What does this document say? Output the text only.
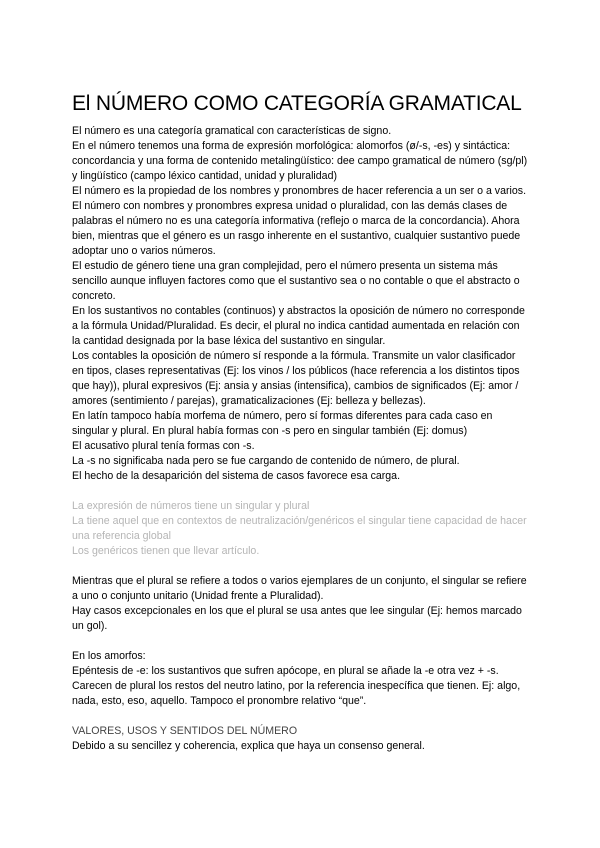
El NÚMERO COMO CATEGORÍA GRAMATICAL

El número es una categoría gramatical con características de signo.

En el número tenemos una forma de expresión morfológica: alomorfos (ø/-s, -es) y sintáctica: concordancia y una forma de contenido metalingüístico: dee campo gramatical de número (sg/pl) y lingüístico (campo léxico cantidad, unidad y pluralidad)

El número es la propiedad de los nombres y pronombres de hacer referencia a un ser o a varios.

El número con nombres y pronombres expresa unidad o pluralidad, con las demás clases de palabras el número no es una categoría informativa (reflejo o marca de la concordancia). Ahora bien, mientras que el género es un rasgo inherente en el sustantivo, cualquier sustantivo puede adoptar uno o varios números.

El estudio de género tiene una gran complejidad, pero el número presenta un sistema más sencillo aunque influyen factores como que el sustantivo sea o no contable o que el abstracto o concreto.

En los sustantivos no contables (continuos) y abstractos la oposición de número no corresponde a la fórmula Unidad/Pluralidad. Es decir, el plural no indica cantidad aumentada en relación con la cantidad designada por la base léxica del sustantivo en singular.

Los contables la oposición de número sí responde a la fórmula. Transmite un valor clasificador en tipos, clases representativas (Ej: los vinos / los públicos (hace referencia a los distintos tipos que hay)), plural expresivos (Ej: ansia y ansias (intensifica), cambios de significados (Ej: amor / amores (sentimiento / parejas), gramaticalizaciones (Ej: belleza y bellezas).

En latín tampoco había morfema de número, pero sí formas diferentes para cada caso en singular y plural. En plural había formas con -s pero en singular también (Ej: domus)

El acusativo plural tenía formas con -s.

La -s no significaba nada pero se fue cargando de contenido de número, de plural.

El hecho de la desaparición del sistema de casos favorece esa carga.

La expresión de números tiene un singular y plural

La tiene aquel que en contextos de neutralización/genéricos el singular tiene capacidad de hacer una referencia global

Los genéricos tienen que llevar artículo.

Mientras que el plural se refiere a todos o varios ejemplares de un conjunto, el singular se refiere a uno o conjunto unitario (Unidad frente a Pluralidad).

Hay casos excepcionales en los que el plural se usa antes que lee singular (Ej: hemos marcado un gol).

En los amorfos:

Epéntesis de -e: los sustantivos que sufren apócope, en plural se añade la -e otra vez + -s.

Carecen de plural los restos del neutro latino, por la referencia inespecífica que tienen. Ej: algo, nada, esto, eso, aquello. Tampoco el pronombre relativo “que”.

VALORES, USOS Y SENTIDOS DEL NÚMERO

Debido a su sencillez y coherencia, explica que haya un consenso general.
